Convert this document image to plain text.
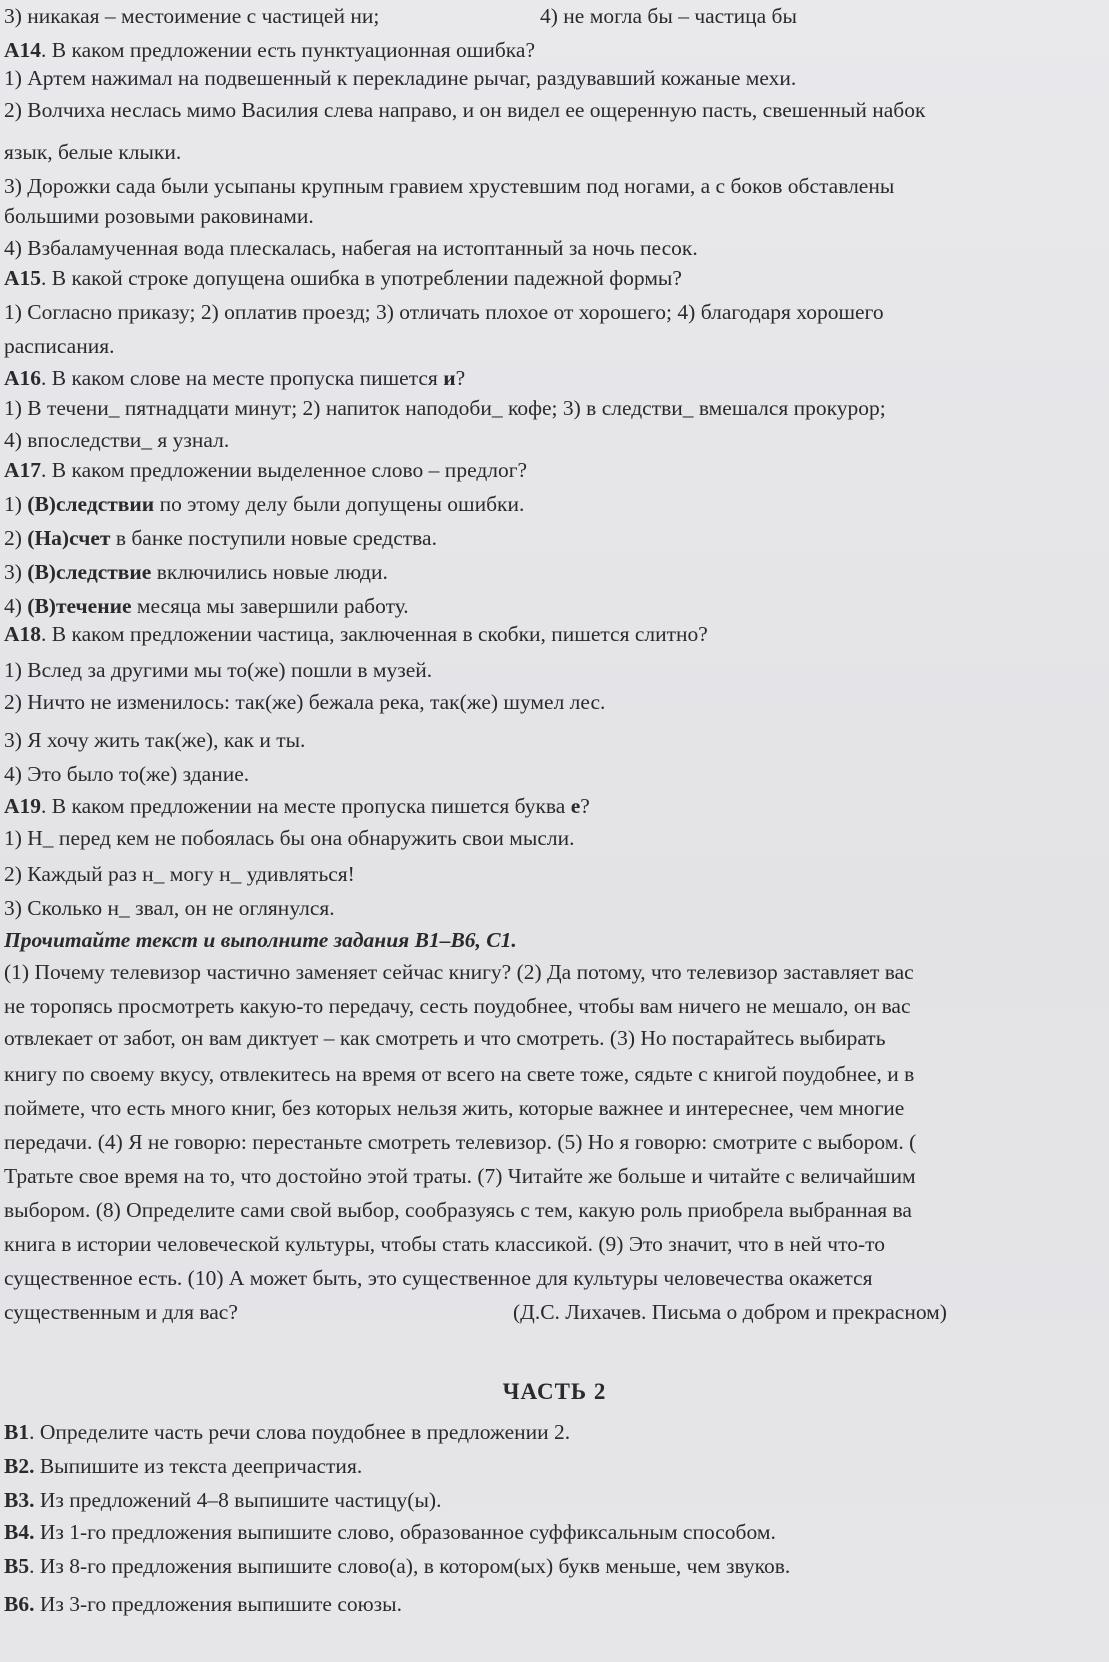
3) никакая – местоимение с частицей ни;	4) не могла бы – частица бы
A14. В каком предложении есть пунктуационная ошибка?
1) Артем нажимал на подвешенный к перекладине рычаг, раздувавший кожаные мехи.
2) Волчиха неслась мимо Василия слева направо, и он видел ее ощеренную пасть, свешенный набок
язык, белые клыки.
3) Дорожки сада были усыпаны крупным гравием хрустевшим под ногами, а с боков обставлены
большими розовыми раковинами.
4) Взбаламученная вода плескалась, набегая на истоптанный за ночь песок.
A15. В какой строке допущена ошибка в употреблении падежной формы?
1) Согласно приказу; 2) оплатив проезд; 3) отличать плохое от хорошего; 4) благодаря хорошего
расписания.
A16. В каком слове на месте пропуска пишется и?
1) В течени_ пятнадцати минут; 2) напиток наподоби_ кофе; 3) в следстви_ вмешался прокурор;
4) впоследстви_ я узнал.
A17. В каком предложении выделенное слово – предлог?
1) (В)следствии по этому делу были допущены ошибки.
2) (На)счет в банке поступили новые средства.
3) (В)следствие включились новые люди.
4) (В)течение месяца мы завершили работу.
A18. В каком предложении частица, заключенная в скобки, пишется слитно?
1) Вслед за другими мы то(же) пошли в музей.
2) Ничто не изменилось: так(же) бежала река, так(же) шумел лес.
3) Я хочу жить так(же), как и ты.
4) Это было то(же) здание.
A19. В каком предложении на месте пропуска пишется буква е?
1) Н_ перед кем не побоялась бы она обнаружить свои мысли.
2) Каждый раз н_ могу н_ удивляться!
3) Сколько н_ звал, он не оглянулся.
Прочитайте текст и выполните задания B1–B6, C1.
(1) Почему телевизор частично заменяет сейчас книгу? (2) Да потому, что телевизор заставляет вас
не торопясь просмотреть какую-то передачу, сесть поудобнее, чтобы вам ничего не мешало, он вас
отвлекает от забот, он вам диктует – как смотреть и что смотреть. (3) Но постарайтесь выбирать
книгу по своему вкусу, отвлекитесь на время от всего на свете тоже, сядьте с книгой поудобнее, и в
поймете, что есть много книг, без которых нельзя жить, которые важнее и интереснее, чем многие
передачи. (4) Я не говорю: перестаньте смотреть телевизор. (5) Но я говорю: смотрите с выбором. (
Тратьте свое время на то, что достойно этой траты. (7) Читайте же больше и читайте с величайшим
выбором. (8) Определите сами свой выбор, сообразуясь с тем, какую роль приобрела выбранная ва
книга в истории человеческой культуры, чтобы стать классикой. (9) Это значит, что в ней что-то
существенное есть. (10) А может быть, это существенное для культуры человечества окажется
существенным и для вас?	(Д.С. Лихачев. Письма о добром и прекрасном)
ЧАСТЬ 2
B1. Определите часть речи слова поудобнее в предложении 2.
B2. Выпишите из текста деепричастия.
B3. Из предложений 4–8 выпишите частицу(ы).
B4. Из 1-го предложения выпишите слово, образованное суффиксальным способом.
B5. Из 8-го предложения выпишите слово(а), в котором(ых) букв меньше, чем звуков.
B6. Из 3-го предложения выпишите союзы.
